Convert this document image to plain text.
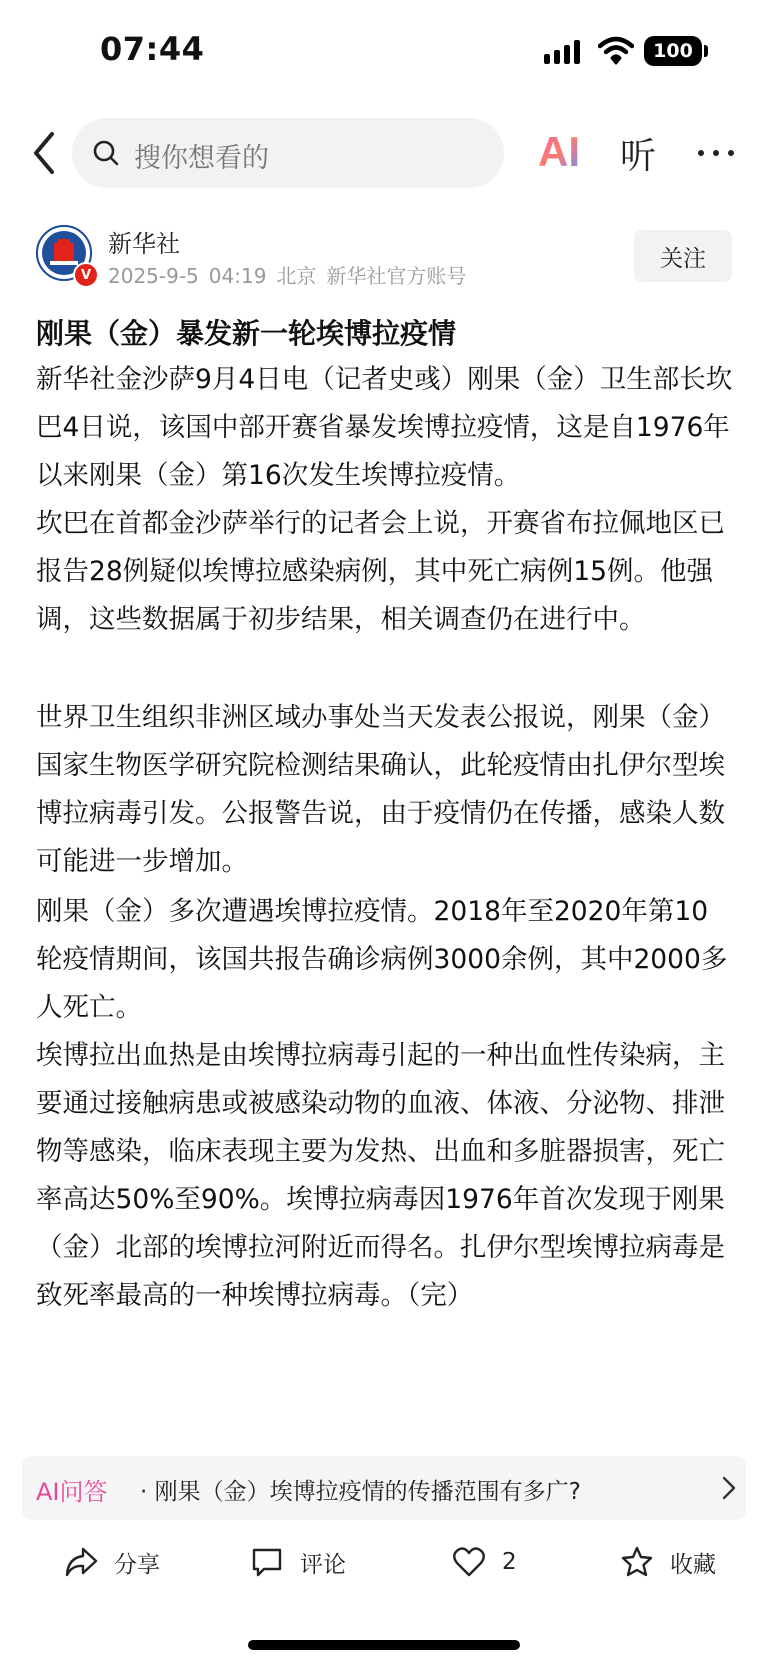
07:44	100
搜你想看的	AI 听
V
新华社
2025-9-5 04:19 北京 新华社官方账号
关注
刚果（金）暴发新一轮埃博拉疫情

新华社金沙萨9月4日电（记者史彧）刚果（金）卫生部长坎巴4日说，该国中部开赛省暴发埃博拉疫情，这是自1976年以来刚果（金）第16次发生埃博拉疫情。

坎巴在首都金沙萨举行的记者会上说，开赛省布拉佩地区已报告28例疑似埃博拉感染病例，其中死亡病例15例。他强调，这些数据属于初步结果，相关调查仍在进行中。

世界卫生组织非洲区域办事处当天发表公报说，刚果（金）国家生物医学研究院检测结果确认，此轮疫情由扎伊尔型埃博拉病毒引发。公报警告说，由于疫情仍在传播，感染人数可能进一步增加。

刚果（金）多次遭遇埃博拉疫情。2018年至2020年第10轮疫情期间，该国共报告确诊病例3000余例，其中2000多人死亡。

埃博拉出血热是由埃博拉病毒引起的一种出血性传染病，主要通过接触病患或被感染动物的血液、体液、分泌物、排泄物等感染，临床表现主要为发热、出血和多脏器损害，死亡率高达50%至90%。埃博拉病毒因1976年首次发现于刚果（金）北部的埃博拉河附近而得名。扎伊尔型埃博拉病毒是致死率最高的一种埃博拉病毒。（完）

AI问答 · 刚果（金）埃博拉疫情的传播范围有多广?
分享	评论	2	收藏
